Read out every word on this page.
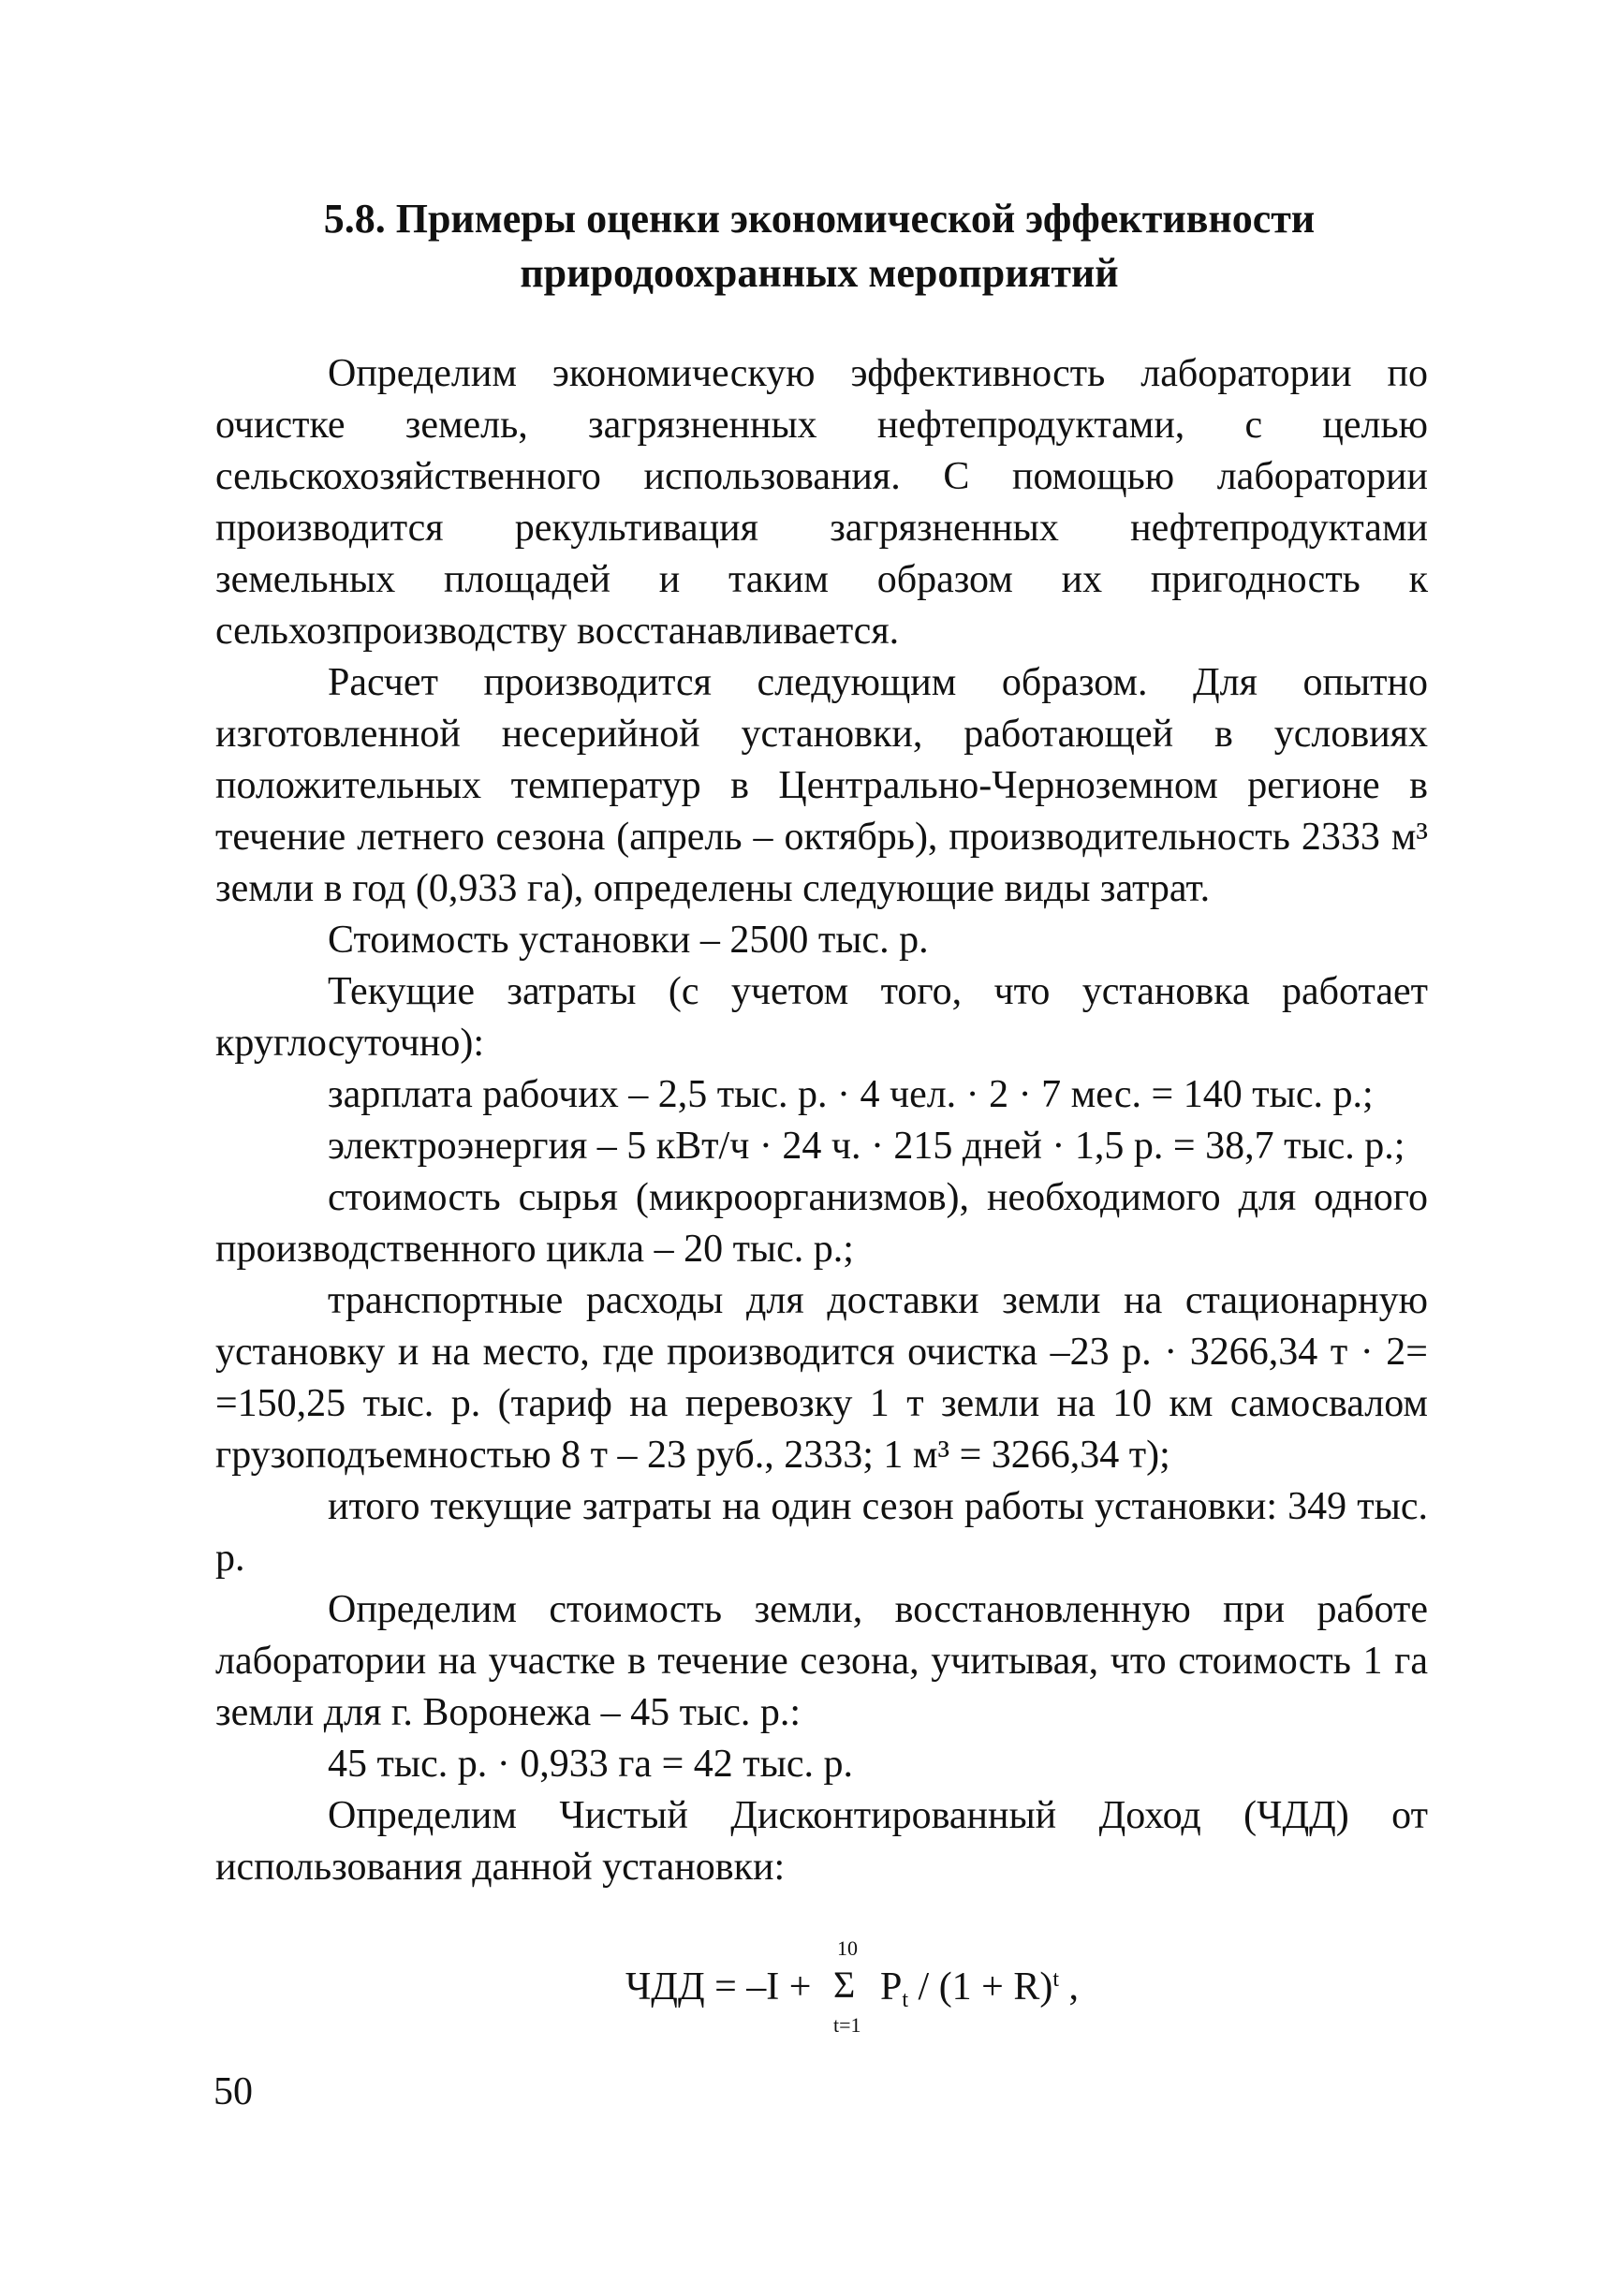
5.8. Примеры оценки экономической эффективности
природоохранных мероприятий

Определим экономическую эффективность лаборатории по очистке земель, загрязненных нефтепродуктами, с целью сельскохозяйственного использования. С помощью лаборатории производится рекультивация загрязненных нефтепродуктами земельных площадей и таким образом их пригодность к сельхозпроизводству восстанавливается.

Расчет производится следующим образом. Для опытно изготовленной несерийной установки, работающей в условиях положительных температур в Центрально-Черноземном регионе в течение летнего сезона (апрель – октябрь), производительность 2333 м³ земли в год (0,933 га), определены следующие виды затрат.

Стоимость установки – 2500 тыс. р.

Текущие затраты (с учетом того, что установка работает круглосуточно):

зарплата рабочих – 2,5 тыс. р. · 4 чел. · 2 · 7 мес. = 140 тыс. р.;

электроэнергия – 5 кВт/ч · 24 ч. · 215 дней · 1,5 р. = 38,7 тыс. р.;

стоимость сырья (микроорганизмов), необходимого для одного производственного цикла – 20 тыс. р.;

транспортные расходы для доставки земли на стационарную установку и на место, где производится очистка –23 р. · 3266,34 т · 2= =150,25 тыс. р. (тариф на перевозку 1 т земли на 10 км самосвалом грузоподъемностью 8 т – 23 руб., 2333; 1 м³ = 3266,34 т);

итого текущие затраты на один сезон работы установки: 349 тыс. р.

Определим стоимость земли, восстановленную при работе лаборатории на участке в течение сезона, учитывая, что стоимость 1 га земли для г. Воронежа – 45 тыс. р.:

45 тыс. р. · 0,933 га = 42 тыс. р.

Определим Чистый Дисконтированный Доход (ЧДД) от использования данной установки:

ЧДД = –I +
10
Σ
t=1
$P_t / (1 + R)^t$ ,
50
